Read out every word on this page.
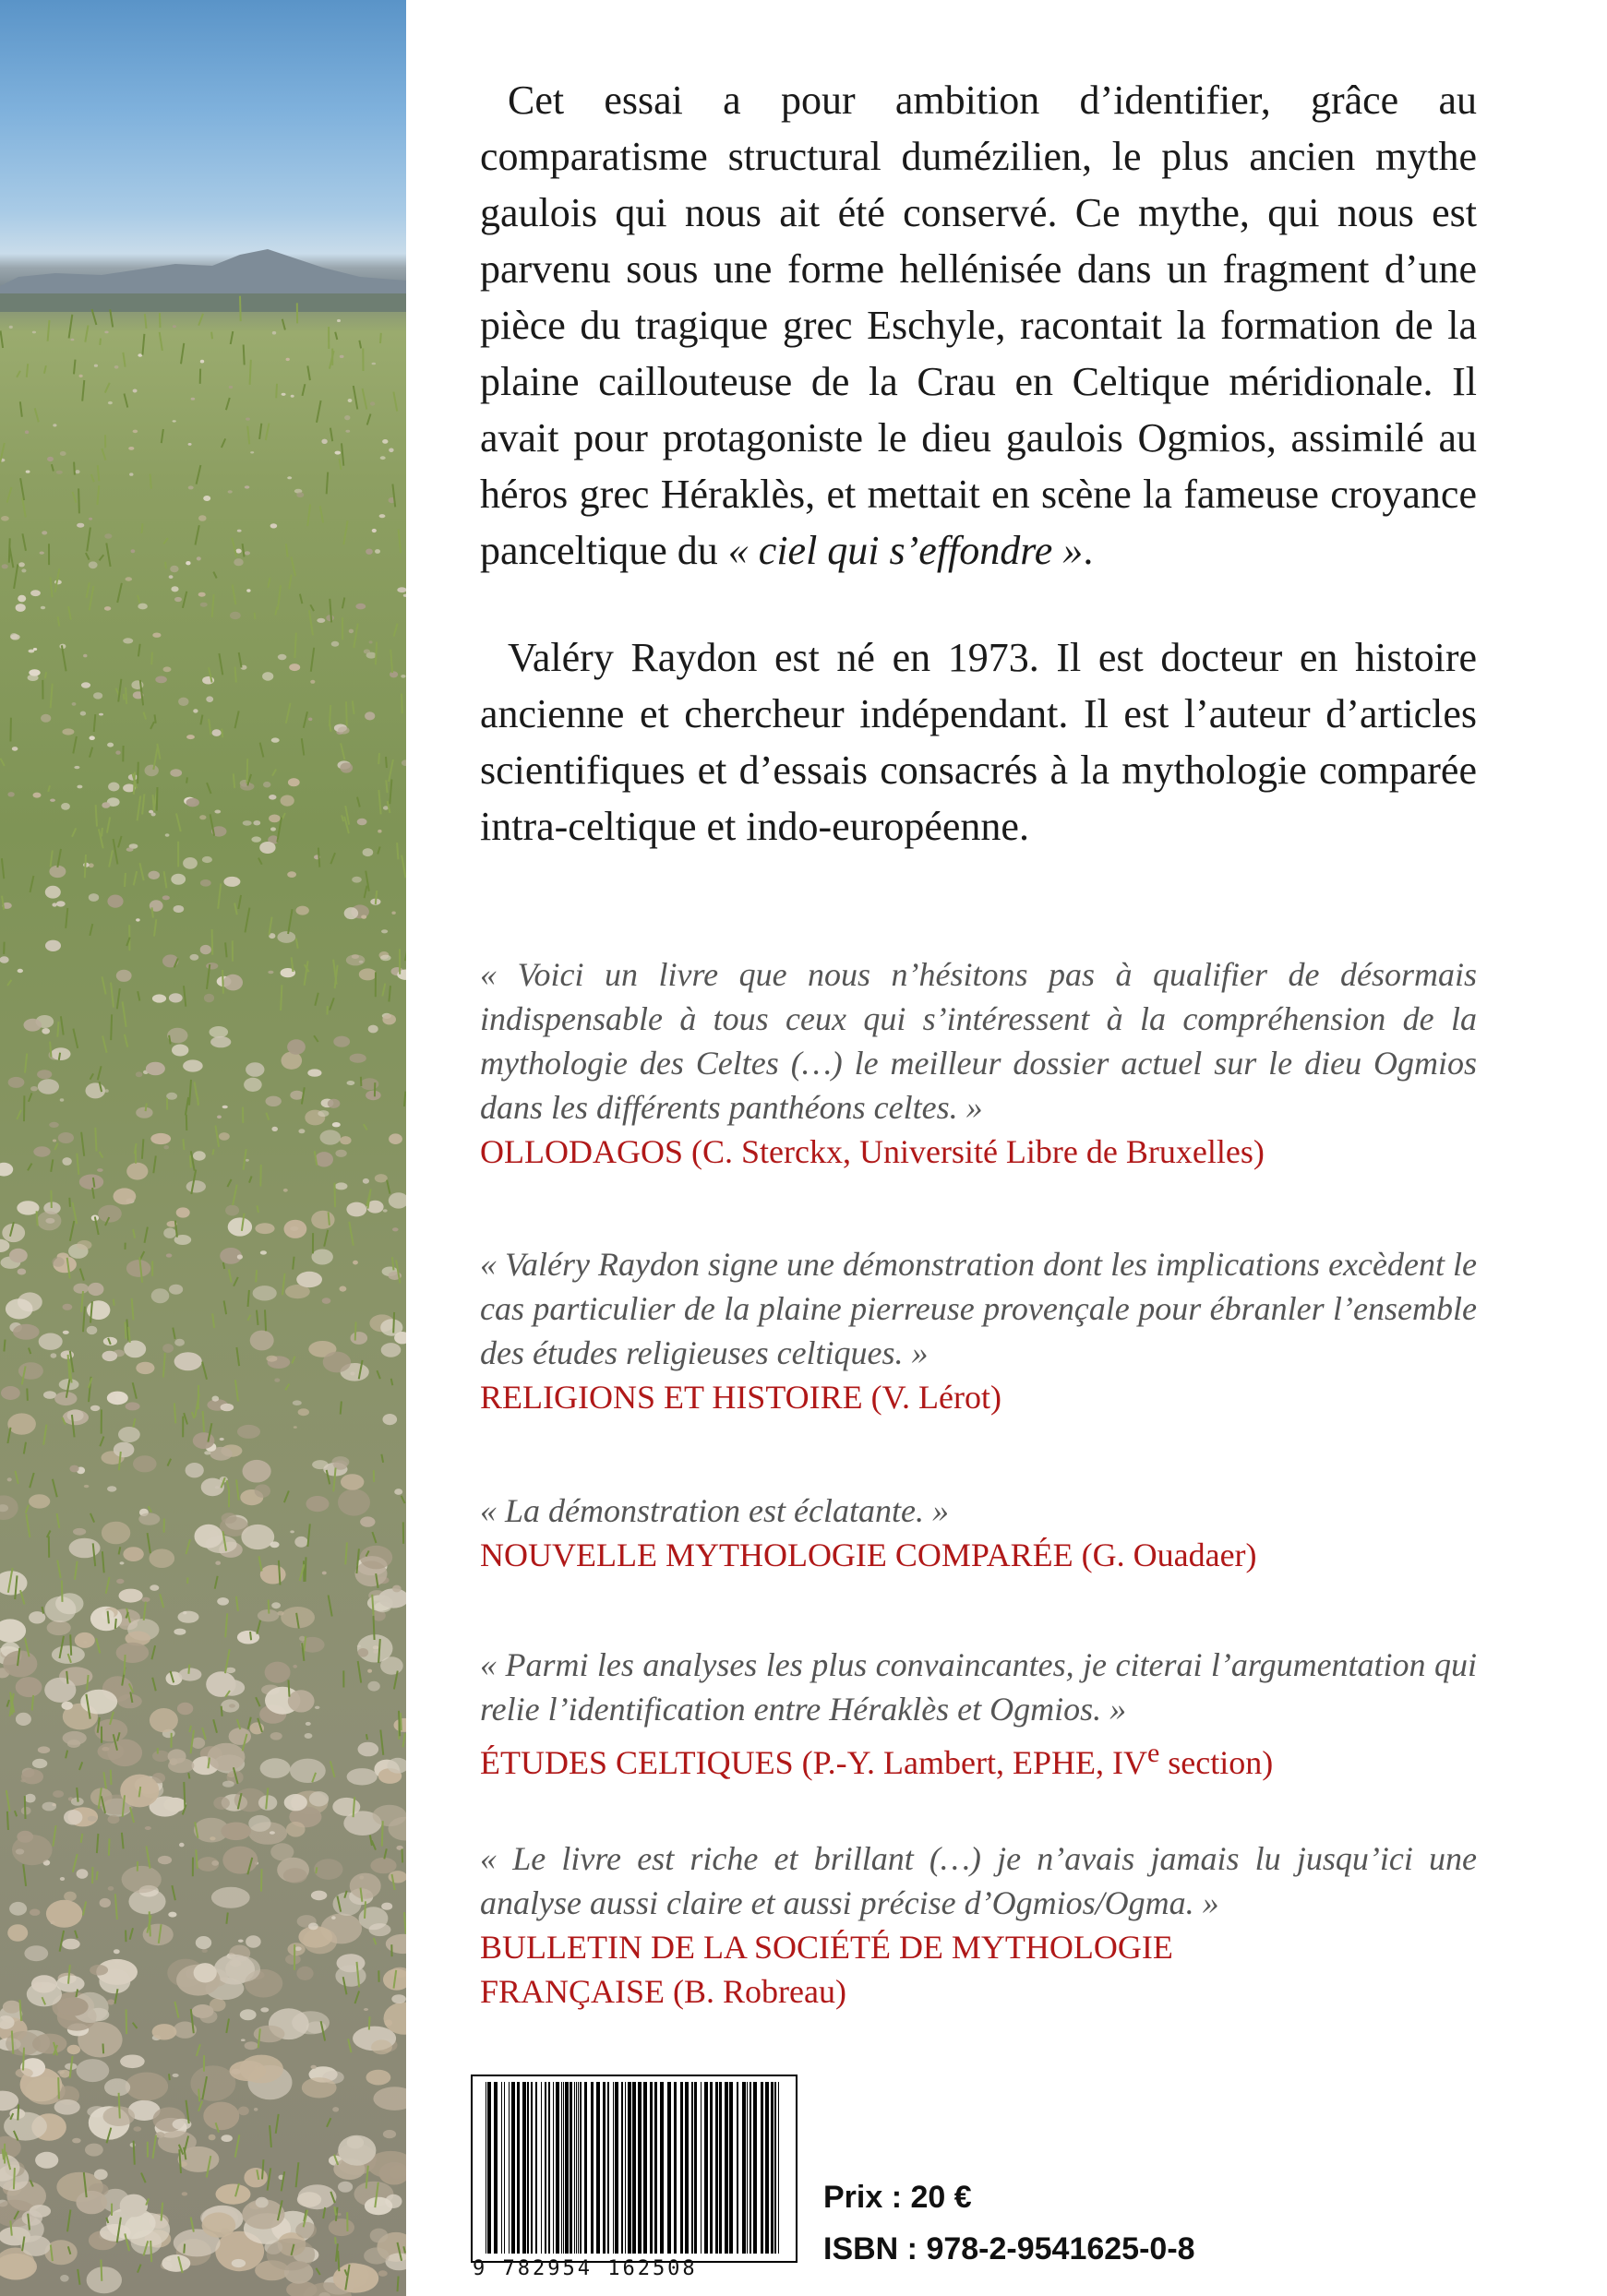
Cet essai a pour ambition d’identifier, grâce au comparatisme structural dumézilien, le plus ancien mythe gaulois qui nous ait été conservé. Ce mythe, qui nous est parvenu sous une forme hellénisée dans un fragment d’une pièce du tragique grec Eschyle, racontait la formation de la plaine caillouteuse de la Crau en Celtique méridionale. Il avait pour protagoniste le dieu gaulois Ogmios, assimilé au héros grec Héraklès, et mettait en scène la fameuse croyance panceltique du « ciel qui s’effondre ».

Valéry Raydon est né en 1973. Il est docteur en histoire ancienne et chercheur indépendant. Il est l’auteur d’articles scientifiques et d’essais consacrés à la mythologie comparée intra-celtique et indo-européenne.

« Voici un livre que nous n’hésitons pas à qualifier de désormais indispensable à tous ceux qui s’intéressent à la compréhension de la mythologie des Celtes (…) le meilleur dossier actuel sur le dieu Ogmios dans les différents panthéons celtes. »

OLLODAGOS (C. Sterckx, Université Libre de Bruxelles)

« Valéry Raydon signe une démonstration dont les implications excèdent le cas particulier de la plaine pierreuse provençale pour ébranler l’ensemble des études religieuses celtiques. »

RELIGIONS ET HISTOIRE (V. Lérot)

« La démonstration est éclatante. »

NOUVELLE MYTHOLOGIE COMPARÉE (G. Ouadaer)

« Parmi les analyses les plus convaincantes, je citerai l’argumentation qui relie l’identification entre Héraklès et Ogmios. »

ÉTUDES CELTIQUES (P.-Y. Lambert, EPHE, IVe section)

« Le livre est riche et brillant (…) je n’avais jamais lu jusqu’ici une analyse aussi claire et aussi précise d’Ogmios/Ogma. »

BULLETIN DE LA SOCIÉTÉ DE MYTHOLOGIE

FRANÇAISE (B. Robreau)

9 782954 162508

Prix : 20 €

ISBN : 978-2-9541625-0-8
